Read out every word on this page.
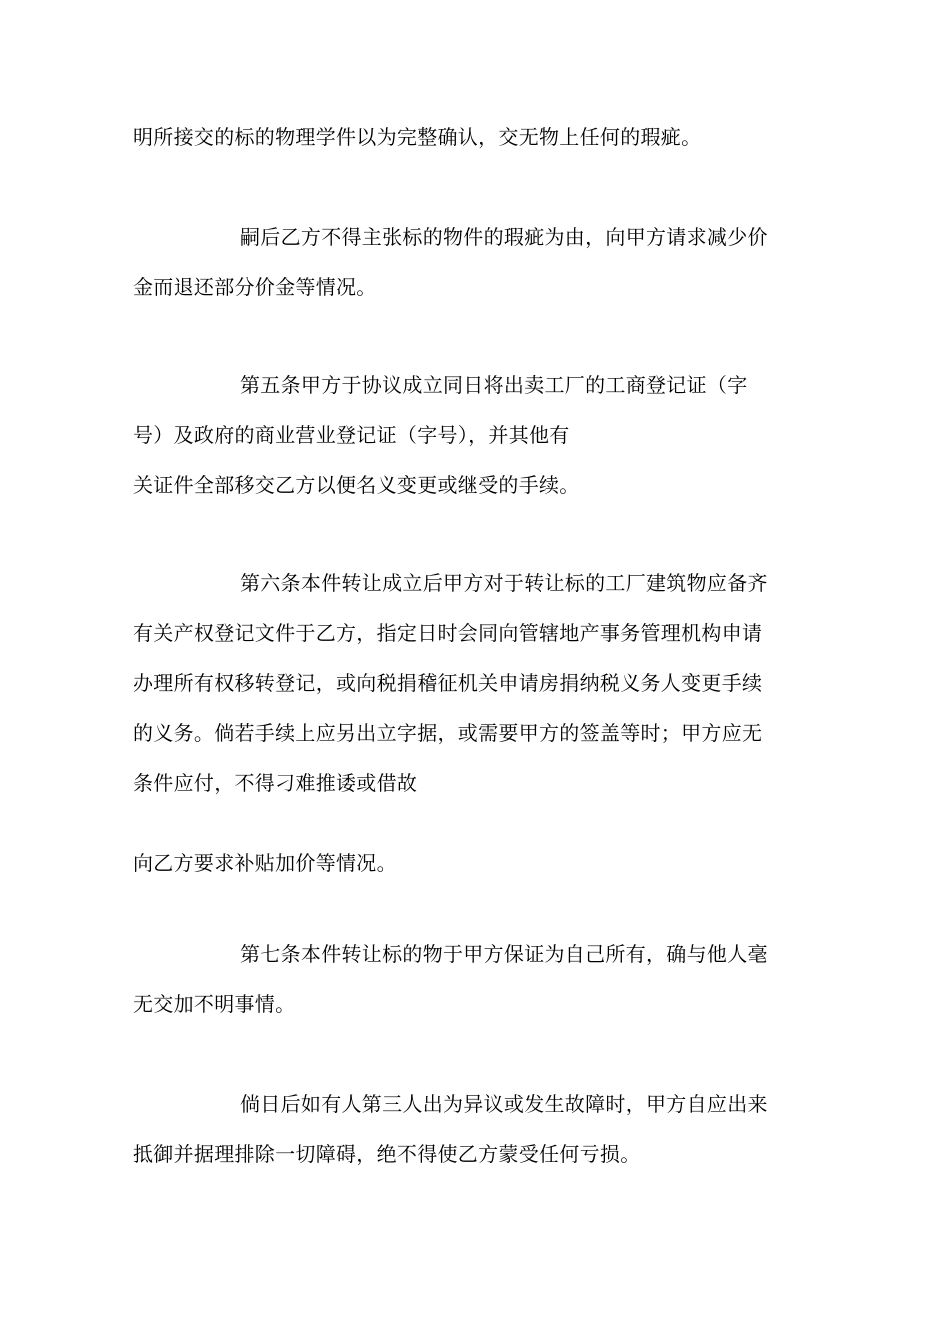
明所接交的标的物理学件以为完整确认，交无物上任何的瑕疵。
嗣后乙方不得主张标的物件的瑕疵为由，向甲方请求减少价
金而退还部分价金等情况。
第五条甲方于协议成立同日将出卖工厂的工商登记证（字
号）及政府的商业营业登记证（字号），并其他有
关证件全部移交乙方以便名义变更或继受的手续。
第六条本件转让成立后甲方对于转让标的工厂建筑物应备齐
有关产权登记文件于乙方，指定日时会同向管辖地产事务管理机构申请
办理所有权移转登记，或向税捐稽征机关申请房捐纳税义务人变更手续
的义务。倘若手续上应另出立字据，或需要甲方的签盖等时；甲方应无
条件应付，不得刁难推诿或借故
向乙方要求补贴加价等情况。
第七条本件转让标的物于甲方保证为自己所有，确与他人毫
无交加不明事情。
倘日后如有人第三人出为异议或发生故障时，甲方自应出来
抵御并据理排除一切障碍，绝不得使乙方蒙受任何亏损。
